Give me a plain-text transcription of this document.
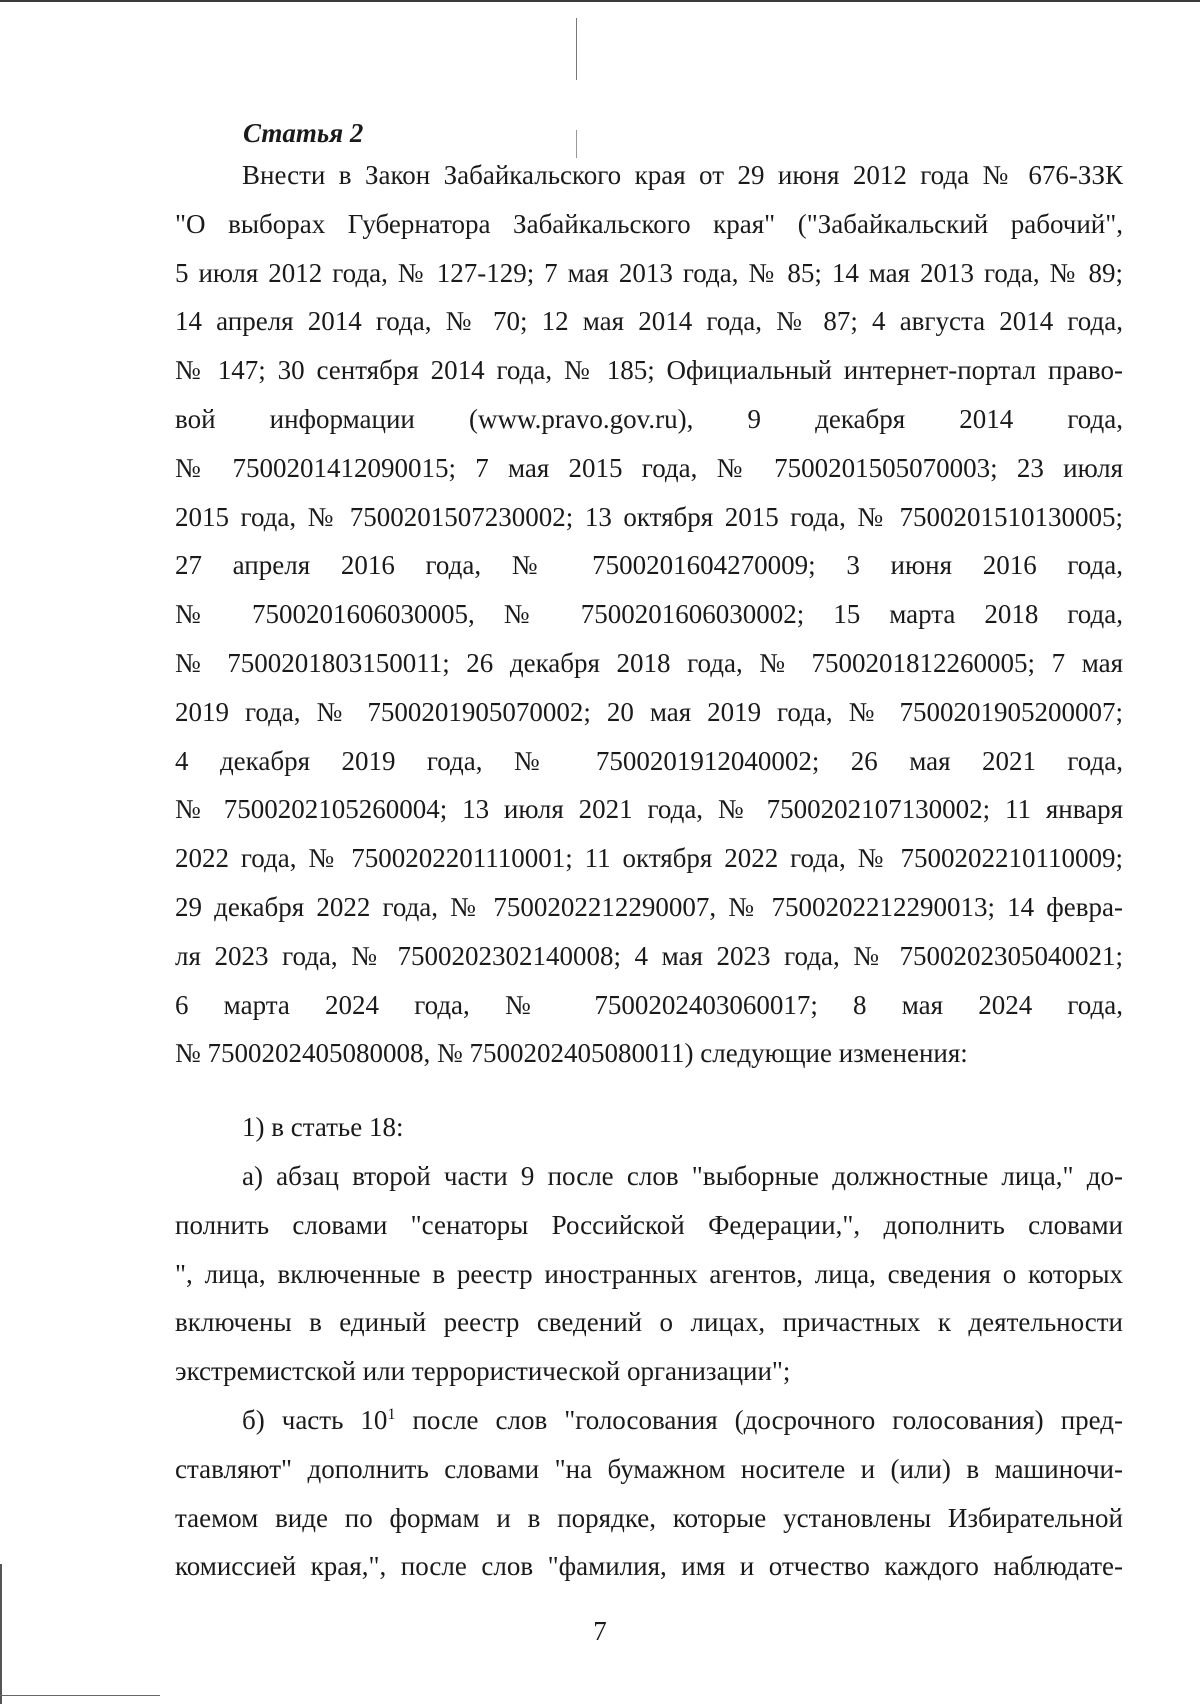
Статья 2
Внести в Закон Забайкальского края от 29 июня 2012 года № 676-ЗЗК
"О выборах Губернатора Забайкальского края" ("Забайкальский рабочий",
5 июля 2012 года, № 127-129; 7 мая 2013 года, № 85; 14 мая 2013 года, № 89;
14 апреля 2014 года, № 70; 12 мая 2014 года, № 87; 4 августа 2014 года,
№ 147; 30 сентября 2014 года, № 185; Официальный интернет-портал право-
вой информации (www.pravo.gov.ru), 9 декабря 2014 года,
№ 7500201412090015; 7 мая 2015 года, № 7500201505070003; 23 июля
2015 года, № 7500201507230002; 13 октября 2015 года, № 7500201510130005;
27 апреля 2016 года, № 7500201604270009; 3 июня 2016 года,
№ 7500201606030005, № 7500201606030002; 15 марта 2018 года,
№ 7500201803150011; 26 декабря 2018 года, № 7500201812260005; 7 мая
2019 года, № 7500201905070002; 20 мая 2019 года, № 7500201905200007;
4 декабря 2019 года, № 7500201912040002; 26 мая 2021 года,
№ 7500202105260004; 13 июля 2021 года, № 7500202107130002; 11 января
2022 года, № 7500202201110001; 11 октября 2022 года, № 7500202210110009;
29 декабря 2022 года, № 7500202212290007, № 7500202212290013; 14 февра-
ля 2023 года, № 7500202302140008; 4 мая 2023 года, № 7500202305040021;
6 марта 2024 года, № 7500202403060017; 8 мая 2024 года,
№ 7500202405080008, № 7500202405080011) следующие изменения:
1) в статье 18:
а) абзац второй части 9 после слов "выборные должностные лица," до-
полнить словами "сенаторы Российской Федерации,", дополнить словами
", лица, включенные в реестр иностранных агентов, лица, сведения о которых
включены в единый реестр сведений о лицах, причастных к деятельности
экстремистской или террористической организации";
б) часть $10^1$ после слов "голосования (досрочного голосования) пред-
ставляют" дополнить словами "на бумажном носителе и (или) в машиночи-
таемом виде по формам и в порядке, которые установлены Избирательной
комиссией края,", после слов "фамилия, имя и отчество каждого наблюдате-
7
